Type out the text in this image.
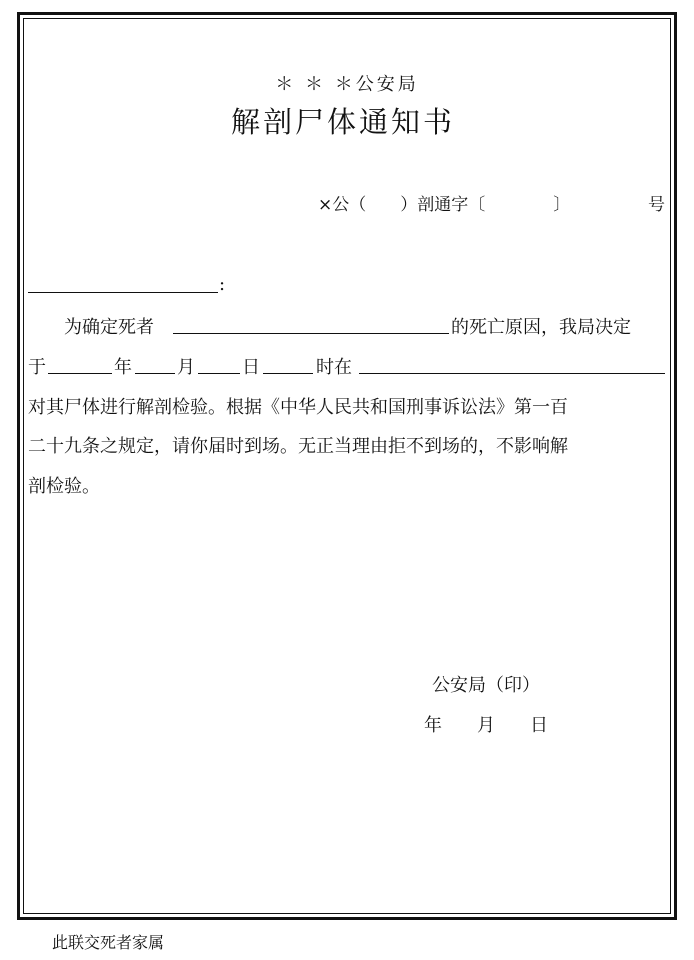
＊ ＊ ＊公安局
解剖尸体通知书
×公（　　）剖通字〔　　　　〕	号
:
为确定死者	的死亡原因，我局决定
于	年	月	日	时在
对其尸体进行解剖检验。根据《中华人民共和国刑事诉讼法》第一百
二十九条之规定，请你届时到场。无正当理由拒不到场的，不影响解
剖检验。
公安局（印）
年 月 日
此联交死者家属
